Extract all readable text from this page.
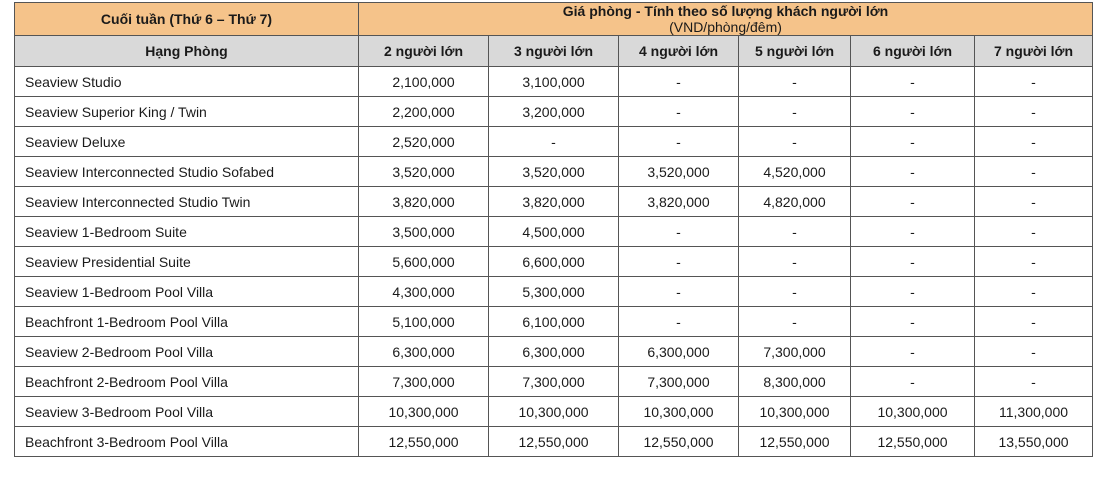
Cuối tuần (Thứ 6 – Thứ 7)	Giá phòng - Tính theo số lượng khách người lớn
(VND/phòng/đêm)					

Hạng Phòng	2 người lớn	3 người lớn	4 người lớn	5 người lớn	6 người lớn	7 người lớn
Seaview Studio	2,100,000	3,100,000	-	-	-	-
Seaview Superior King / Twin	2,200,000	3,200,000	-	-	-	-
Seaview Deluxe	2,520,000	-	-	-	-	-
Seaview Interconnected Studio Sofabed	3,520,000	3,520,000	3,520,000	4,520,000	-	-
Seaview Interconnected Studio Twin	3,820,000	3,820,000	3,820,000	4,820,000	-	-
Seaview 1-Bedroom Suite	3,500,000	4,500,000	-	-	-	-
Seaview Presidential Suite	5,600,000	6,600,000	-	-	-	-
Seaview 1-Bedroom Pool Villa	4,300,000	5,300,000	-	-	-	-
Beachfront 1-Bedroom Pool Villa	5,100,000	6,100,000	-	-	-	-
Seaview 2-Bedroom Pool Villa	6,300,000	6,300,000	6,300,000	7,300,000	-	-
Beachfront 2-Bedroom Pool Villa	7,300,000	7,300,000	7,300,000	8,300,000	-	-
Seaview 3-Bedroom Pool Villa	10,300,000	10,300,000	10,300,000	10,300,000	10,300,000	11,300,000
Beachfront 3-Bedroom Pool Villa	12,550,000	12,550,000	12,550,000	12,550,000	12,550,000	13,550,000
